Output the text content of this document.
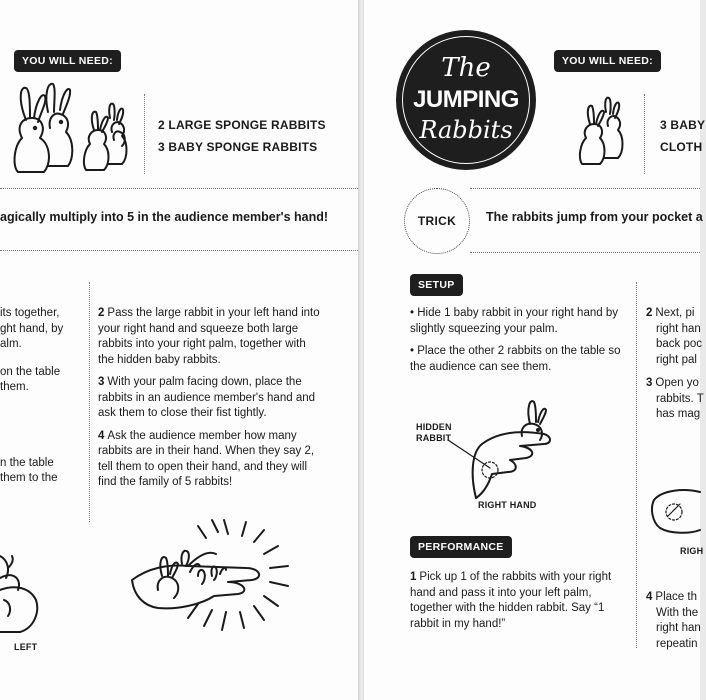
YOU WILL NEED:
2 LARGE SPONGE RABBITS
3 BABY SPONGE RABBITS
agically multiply into 5 in the audience member's hand!
its together,
ght hand, by
alm.
on the table
them.
n the table
them to the

2 Pass the large rabbit in your left hand into your right hand and squeeze both large rabbits into your right palm, together with the hidden baby rabbits.

3 With your palm facing down, place the rabbits in an audience member's hand and ask them to close their fist tightly.

4 Ask the audience member how many rabbits are in their hand. When they say 2, tell them to open their hand, and they will find the family of 5 rabbits!

LEFT
The
JUMPING
Rabbits
YOU WILL NEED:
3 BABY
CLOTH
TRICK The rabbits jump from your pocket a
SETUP

• Hide 1 baby rabbit in your right hand by slightly squeezing your palm.

• Place the other 2 rabbits on the table so the audience can see them.

HIDDEN
RABBIT
RIGHT HAND
PERFORMANCE

1 Pick up 1 of the rabbits with your right hand and pass it into your left palm, together with the hidden rabbit. Say “1 rabbit in my hand!”

2 Next, pi
right han
back poc
right pal
3 Open yo
rabbits. T
has mag
RIGH
4 Place th
With the
right han
repeatin
